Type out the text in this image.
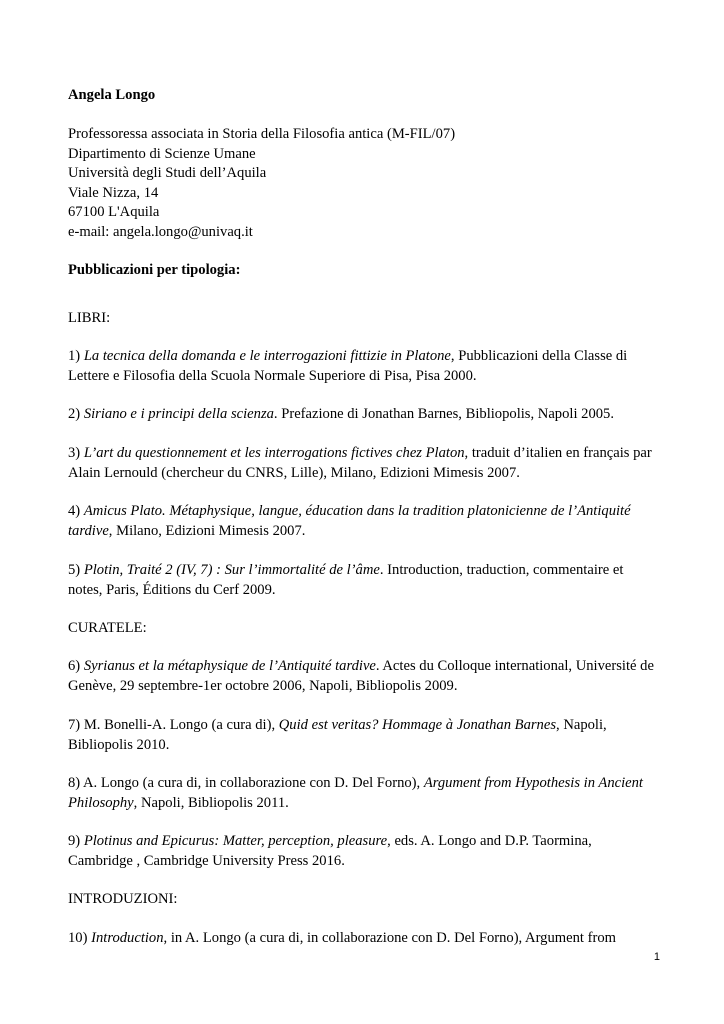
Angela Longo

Professoressa associata in Storia della Filosofia antica (M-FIL/07)
Dipartimento di Scienze Umane
Università degli Studi dell’Aquila
Viale Nizza, 14
67100 L'Aquila
e-mail: angela.longo@univaq.it

Pubblicazioni per tipologia:

LIBRI:

1) La tecnica della domanda e le interrogazioni fittizie in Platone, Pubblicazioni della Classe di Lettere e Filosofia della Scuola Normale Superiore di Pisa, Pisa 2000.

2) Siriano e i principi della scienza. Prefazione di Jonathan Barnes, Bibliopolis, Napoli 2005.

3) L’art du questionnement et les interrogations fictives chez Platon, traduit d’italien en français par Alain Lernould (chercheur du CNRS, Lille), Milano, Edizioni Mimesis 2007.

4) Amicus Plato. Métaphysique, langue, éducation dans la tradition platonicienne de l’Antiquité tardive, Milano, Edizioni Mimesis 2007.

5) Plotin, Traité 2 (IV, 7) : Sur l’immortalité de l’âme. Introduction, traduction, commentaire et notes, Paris, Éditions du Cerf 2009.

CURATELE:

6) Syrianus et la métaphysique de l’Antiquité tardive. Actes du Colloque international, Université de Genève, 29 septembre-1er octobre 2006, Napoli, Bibliopolis 2009.

7) M. Bonelli-A. Longo (a cura di), Quid est veritas? Hommage à Jonathan Barnes, Napoli, Bibliopolis 2010.

8) A. Longo (a cura di, in collaborazione con D. Del Forno), Argument from Hypothesis in Ancient Philosophy, Napoli, Bibliopolis 2011.

9) Plotinus and Epicurus: Matter, perception, pleasure, eds. A. Longo and D.P. Taormina, Cambridge , Cambridge University Press 2016.

INTRODUZIONI:

10) Introduction, in A. Longo (a cura di, in collaborazione con D. Del Forno), Argument from

1
